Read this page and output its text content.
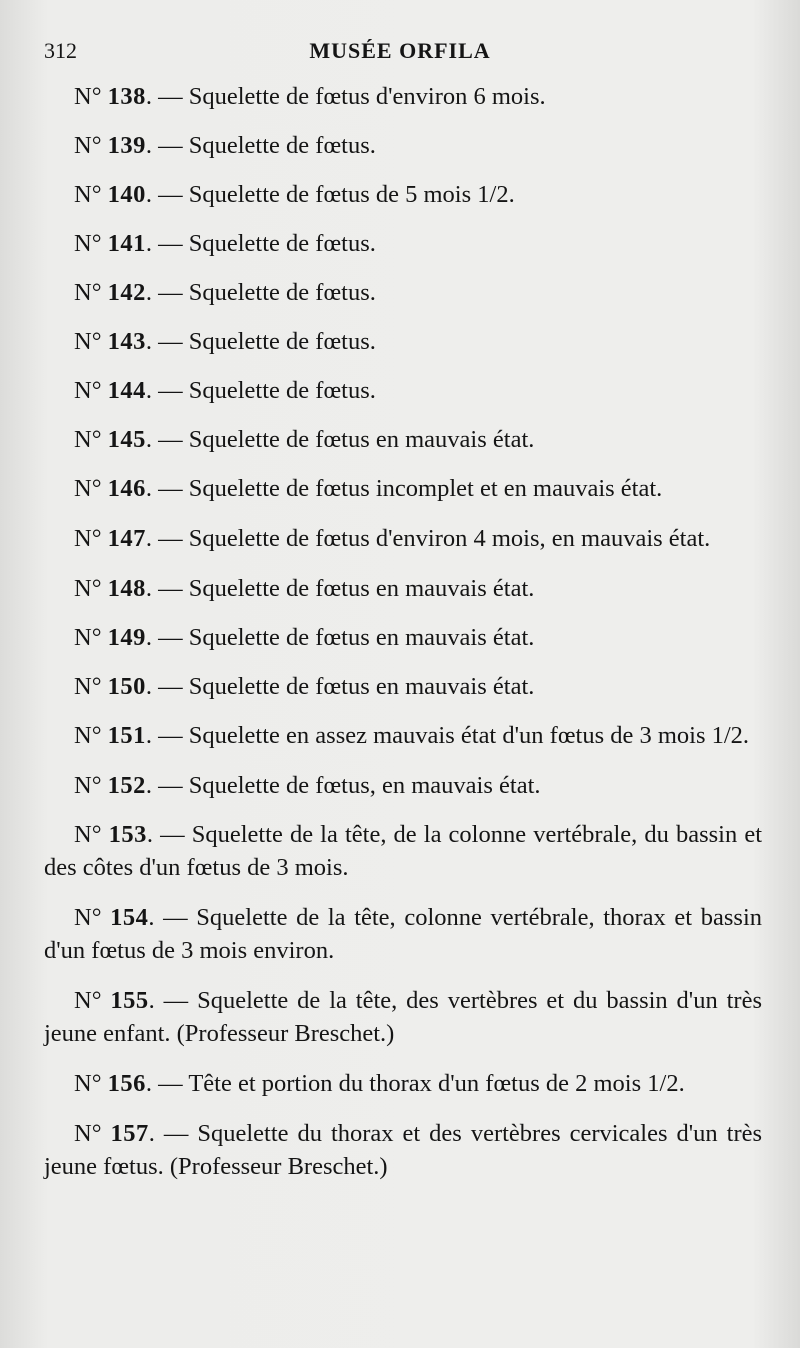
312	MUSÉE ORFILA

N° 138. — Squelette de fœtus d'environ 6 mois.

N° 139. — Squelette de fœtus.

N° 140. — Squelette de fœtus de 5 mois 1/2.

N° 141. — Squelette de fœtus.

N° 142. — Squelette de fœtus.

N° 143. — Squelette de fœtus.

N° 144. — Squelette de fœtus.

N° 145. — Squelette de fœtus en mauvais état.

N° 146. — Squelette de fœtus incomplet et en mauvais état.

N° 147. — Squelette de fœtus d'environ 4 mois, en mauvais état.

N° 148. — Squelette de fœtus en mauvais état.

N° 149. — Squelette de fœtus en mauvais état.

N° 150. — Squelette de fœtus en mauvais état.

N° 151. — Squelette en assez mauvais état d'un fœtus de 3 mois 1/2.

N° 152. — Squelette de fœtus, en mauvais état.

N° 153. — Squelette de la tête, de la colonne vertébrale, du bassin et des côtes d'un fœtus de 3 mois.

N° 154. — Squelette de la tête, colonne vertébrale, thorax et bassin d'un fœtus de 3 mois environ.

N° 155. — Squelette de la tête, des vertèbres et du bassin d'un très jeune enfant. (Professeur Breschet.)

N° 156. — Tête et portion du thorax d'un fœtus de 2 mois 1/2.

N° 157. — Squelette du thorax et des vertèbres cervicales d'un très jeune fœtus. (Professeur Breschet.)
